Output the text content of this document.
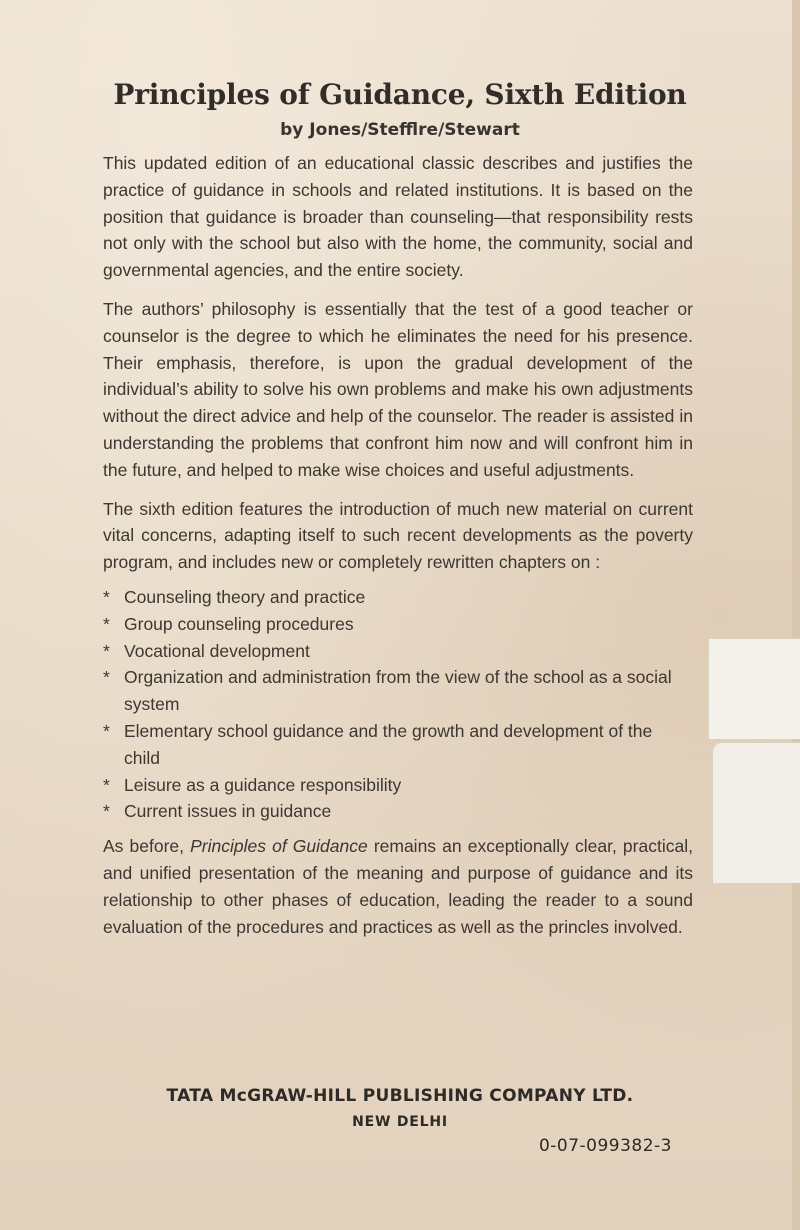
Principles of Guidance, Sixth Edition
by Jones/Stefflre/Stewart

This updated edition of an educational classic describes and justifies the practice of guidance in schools and related institutions. It is based on the position that guidance is broader than counseling—that responsibility rests not only with the school but also with the home, the community, social and governmental agencies, and the entire society.

The authors’ philosophy is essentially that the test of a good teacher or counselor is the degree to which he eliminates the need for his presence. Their emphasis, therefore, is upon the gradual development of the individual’s ability to solve his own problems and make his own adjustments without the direct advice and help of the counselor. The reader is assisted in understanding the problems that confront him now and will confront him in the future, and helped to make wise choices and useful adjustments.

The sixth edition features the introduction of much new material on current vital concerns, adapting itself to such recent developments as the poverty program, and includes new or completely rewritten chapters on :

* Counseling theory and practice
* Group counseling procedures
* Vocational development
* Organization and administration from the view of the school as a social system
* Elementary school guidance and the growth and development of the child
* Leisure as a guidance responsibility
* Current issues in guidance

As before, Principles of Guidance remains an exceptionally clear, practical, and unified presentation of the meaning and purpose of guidance and its relationship to other phases of education, leading the reader to a sound evaluation of the procedures and practices as well as the princles involved.

TATA McGRAW-HILL PUBLISHING COMPANY LTD.
NEW DELHI
0-07-099382-3
